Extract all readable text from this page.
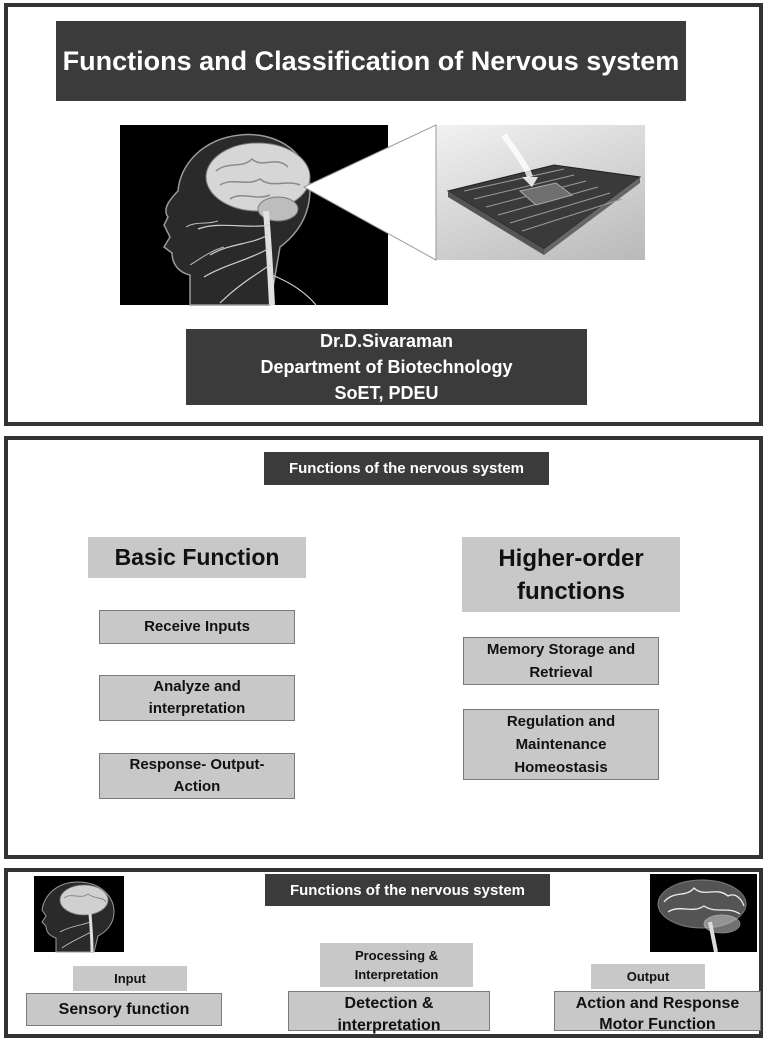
Functions and Classification of Nervous system
Dr.D.Sivaraman
Department of Biotechnology
SoET, PDEU
Functions of the nervous system
Basic Function
Receive Inputs
Analyze and
interpretation
Response- Output-
Action
Higher-order
functions
Memory Storage and
Retrieval
Regulation and
Maintenance
Homeostasis
Functions of the nervous system
Input
Sensory function
Processing &
Interpretation
Detection &
interpretation
Output
Action and Response
Motor Function
